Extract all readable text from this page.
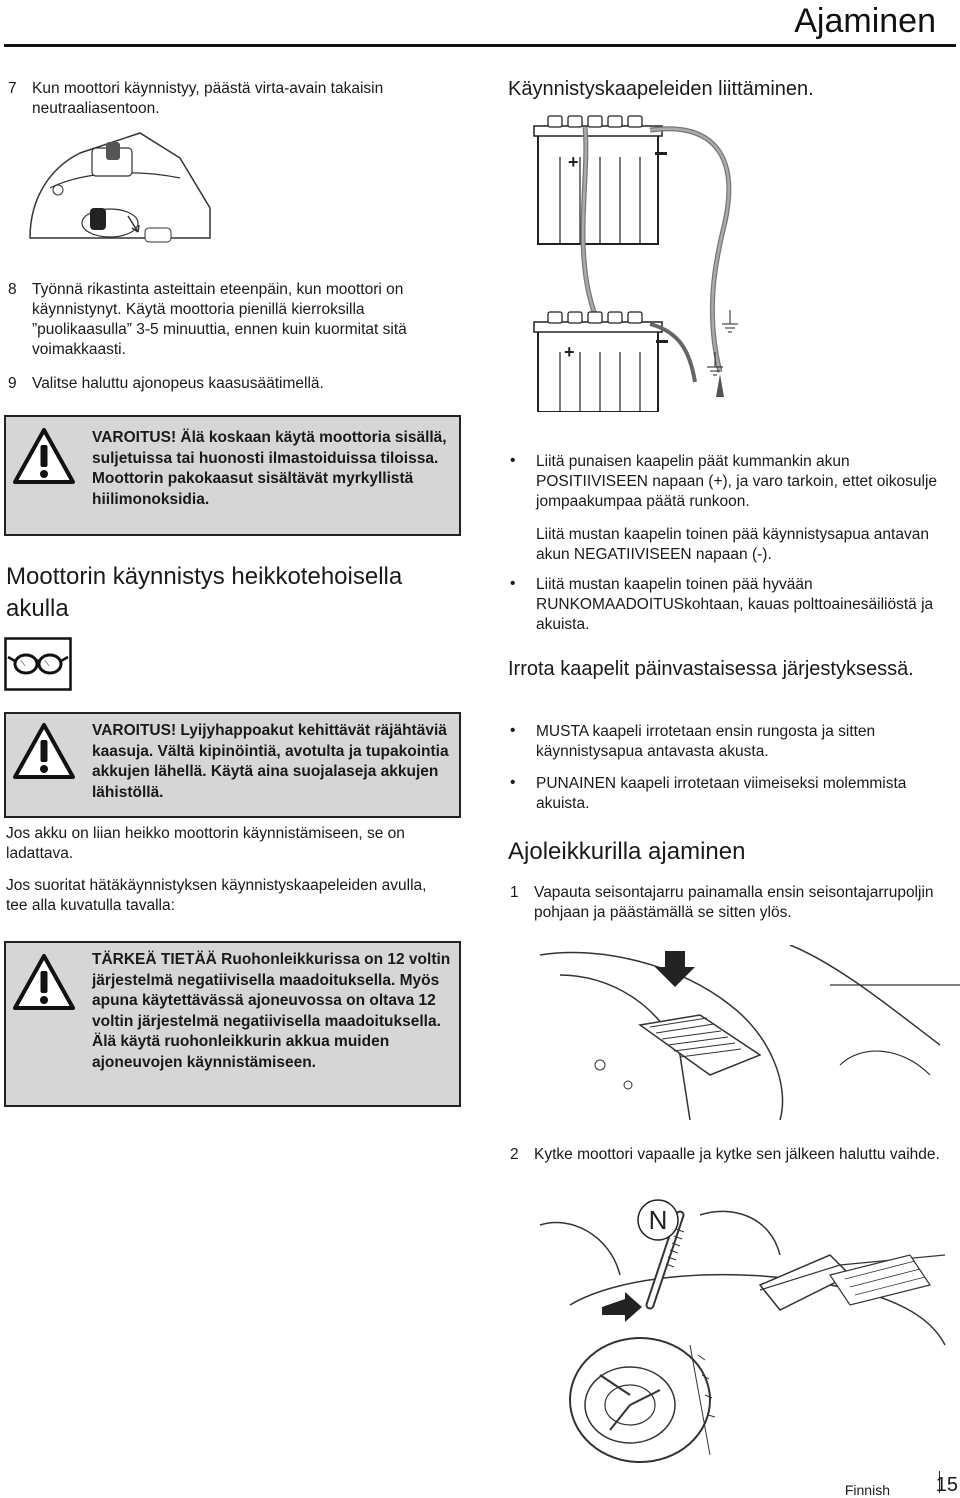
Ajaminen
7 Kun moottori käynnistyy, päästä virta-avain takaisin neutraaliasentoon.
8 Työnnä rikastinta asteittain eteenpäin, kun moottori on käynnistynyt. Käytä moottoria pienillä kierroksilla ”puolikaasulla” 3-5 minuuttia, ennen kuin kuormitat sitä voimakkaasti.
9 Valitse haluttu ajonopeus kaasusäätimellä.
VAROITUS! Älä koskaan käytä moottoria sisällä, suljetuissa tai huonosti ilmastoiduissa tiloissa. Moottorin pakokaasut sisältävät myrkyllistä hiilimonoksidia.
Moottorin käynnistys heikkotehoisella akulla
VAROITUS! Lyijyhappoakut kehittävät räjähtäviä kaasuja. Vältä kipinöintiä, avotulta ja tupakointia akkujen lähellä. Käytä aina suojalaseja akkujen lähistöllä.
Jos akku on liian heikko moottorin käynnistämiseen, se on ladattava.
Jos suoritat hätäkäynnistyksen käynnistyskaapeleiden avulla, tee alla kuvatulla tavalla:
TÄRKEÄ TIETÄÄ Ruohonleikkurissa on 12 voltin järjestelmä negatiivisella maadoituksella. Myös apuna käytettävässä ajoneuvossa on oltava 12 voltin järjestelmä negatiivisella maadoituksella. Älä käytä ruohonleikkurin akkua muiden ajoneuvojen käynnistämiseen.
Käynnistyskaapeleiden liittäminen.
+
+
• Liitä punaisen kaapelin päät kummankin akun POSITIIVISEEN napaan (+), ja varo tarkoin, ettet oikosulje jompaakumpaa päätä runkoon.
Liitä mustan kaapelin toinen pää käynnistysapua antavan akun NEGATIIVISEEN napaan (-).
• Liitä mustan kaapelin toinen pää hyvään RUNKOMAADOITUSkohtaan, kauas polttoainesäiliöstä ja akuista.
Irrota kaapelit päinvastaisessa järjestyksessä.
• MUSTA kaapeli irrotetaan ensin rungosta ja sitten käynnistysapua antavasta akusta.
• PUNAINEN kaapeli irrotetaan viimeiseksi molemmista akuista.
Ajoleikkurilla ajaminen
1 Vapauta seisontajarru painamalla ensin seisontajarrupoljin pohjaan ja päästämällä se sitten ylös.
2 Kytke moottori vapaalle ja kytke sen jälkeen haluttu vaihde.
N
Finnish 15
